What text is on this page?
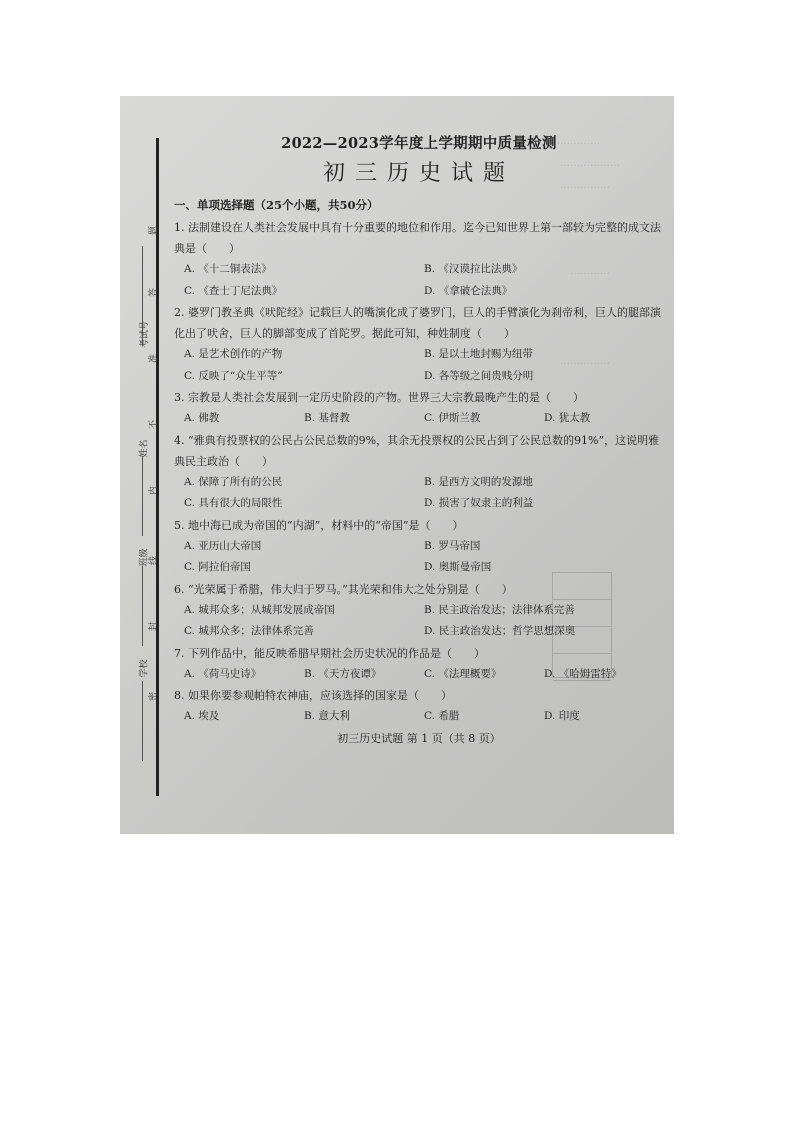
题
答
考试号
准
不
姓名
内
班级 线
封
学校
密
……………
………………
……………
…………
……………
2022—2023学年度上学期期中质量检测
初三历史试题
一、单项选择题（25个小题，共50分）

1. 法制建设在人类社会发展中具有十分重要的地位和作用。迄今已知世界上第一部较为完整的成文法典是（　　）

A. 《十二铜表法》	B. 《汉谟拉比法典》
C. 《查士丁尼法典》	D. 《拿破仑法典》

2. 婆罗门教圣典《吠陀经》记载巨人的嘴演化成了婆罗门，巨人的手臂演化为刹帝利，巨人的腿部演化出了吠舍，巨人的脚部变成了首陀罗。据此可知，种姓制度（　　）

A. 是艺术创作的产物	B. 是以土地封赐为纽带
C. 反映了“众生平等”	D. 各等级之间贵贱分明

3. 宗教是人类社会发展到一定历史阶段的产物。世界三大宗教最晚产生的是（　　）

A. 佛教	B. 基督教	C. 伊斯兰教	D. 犹太教

4. “雅典有投票权的公民占公民总数的9%，其余无投票权的公民占到了公民总数的91%”，这说明雅典民主政治（　　）

A. 保障了所有的公民	B. 是西方文明的发源地
C. 具有很大的局限性	D. 损害了奴隶主的利益

5. 地中海已成为帝国的“内湖”，材料中的“帝国”是（　　）

A. 亚历山大帝国	B. 罗马帝国
C. 阿拉伯帝国	D. 奥斯曼帝国

6. “光荣属于希腊，伟大归于罗马。”其光荣和伟大之处分别是（　　）

A. 城邦众多；从城邦发展成帝国	B. 民主政治发达；法律体系完善
C. 城邦众多；法律体系完善	D. 民主政治发达；哲学思想深奥

7. 下列作品中，能反映希腊早期社会历史状况的作品是（　　）

A. 《荷马史诗》	B. 《天方夜谭》	C. 《法理概要》	D. 《哈姆雷特》

8. 如果你要参观帕特农神庙，应该选择的国家是（　　）

A. 埃及	B. 意大利	C. 希腊	D. 印度
初三历史试题 第 1 页（共 8 页）
